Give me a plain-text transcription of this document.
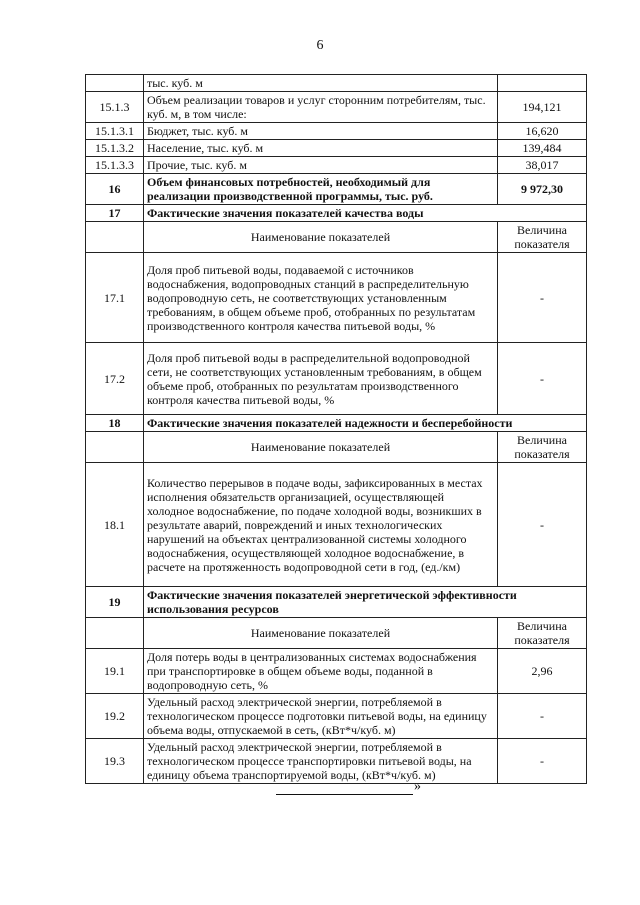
6
	тыс. куб. м	
15.1.3	Объем реализации товаров и услуг сторонним потребителям, тыс. куб. м, в том числе:	194,121
15.1.3.1	Бюджет, тыс. куб. м	16,620
15.1.3.2	Население, тыс. куб. м	139,484
15.1.3.3	Прочие, тыс. куб. м	38,017
16	Объем финансовых потребностей, необходимый для реализации производственной программы, тыс. руб.	9 972,30
17	Фактические значения показателей качества воды	
	Наименование показателей	Величина показателя
17.1	Доля проб питьевой воды, подаваемой с источников водоснабжения, водопроводных станций в распределительную водопроводную сеть, не соответствующих установленным требованиям, в общем объеме проб, отобранных по результатам производственного контроля качества питьевой воды, %	-
17.2	Доля проб питьевой воды в распределительной водопроводной сети, не соответствующих установленным требованиям, в общем объеме проб, отобранных по результатам производственного контроля качества питьевой воды, %	-
18	Фактические значения показателей надежности и бесперебойности	
	Наименование показателей	Величина показателя
18.1	Количество перерывов в подаче воды, зафиксированных в местах исполнения обязательств организацией, осуществляющей холодное водоснабжение, по подаче холодной воды, возникших в результате аварий, повреждений и иных технологических нарушений на объектах централизованной системы холодного водоснабжения, осуществляющей холодное водоснабжение, в расчете на протяженность водопроводной сети в год, (ед./км)	-
19	Фактические значения показателей энергетической эффективности использования ресурсов	
	Наименование показателей	Величина показателя
19.1	Доля потерь воды в централизованных системах водоснабжения при транспортировке в общем объеме воды, поданной в водопроводную сеть, %	2,96
19.2	Удельный расход электрической энергии, потребляемой в технологическом процессе подготовки питьевой воды, на единицу объема воды, отпускаемой в сеть, (кВт*ч/куб. м)	-
19.3	Удельный расход электрической энергии, потребляемой в технологическом процессе транспортировки питьевой воды, на единицу объема транспортируемой воды, (кВт*ч/куб. м)	-
»
